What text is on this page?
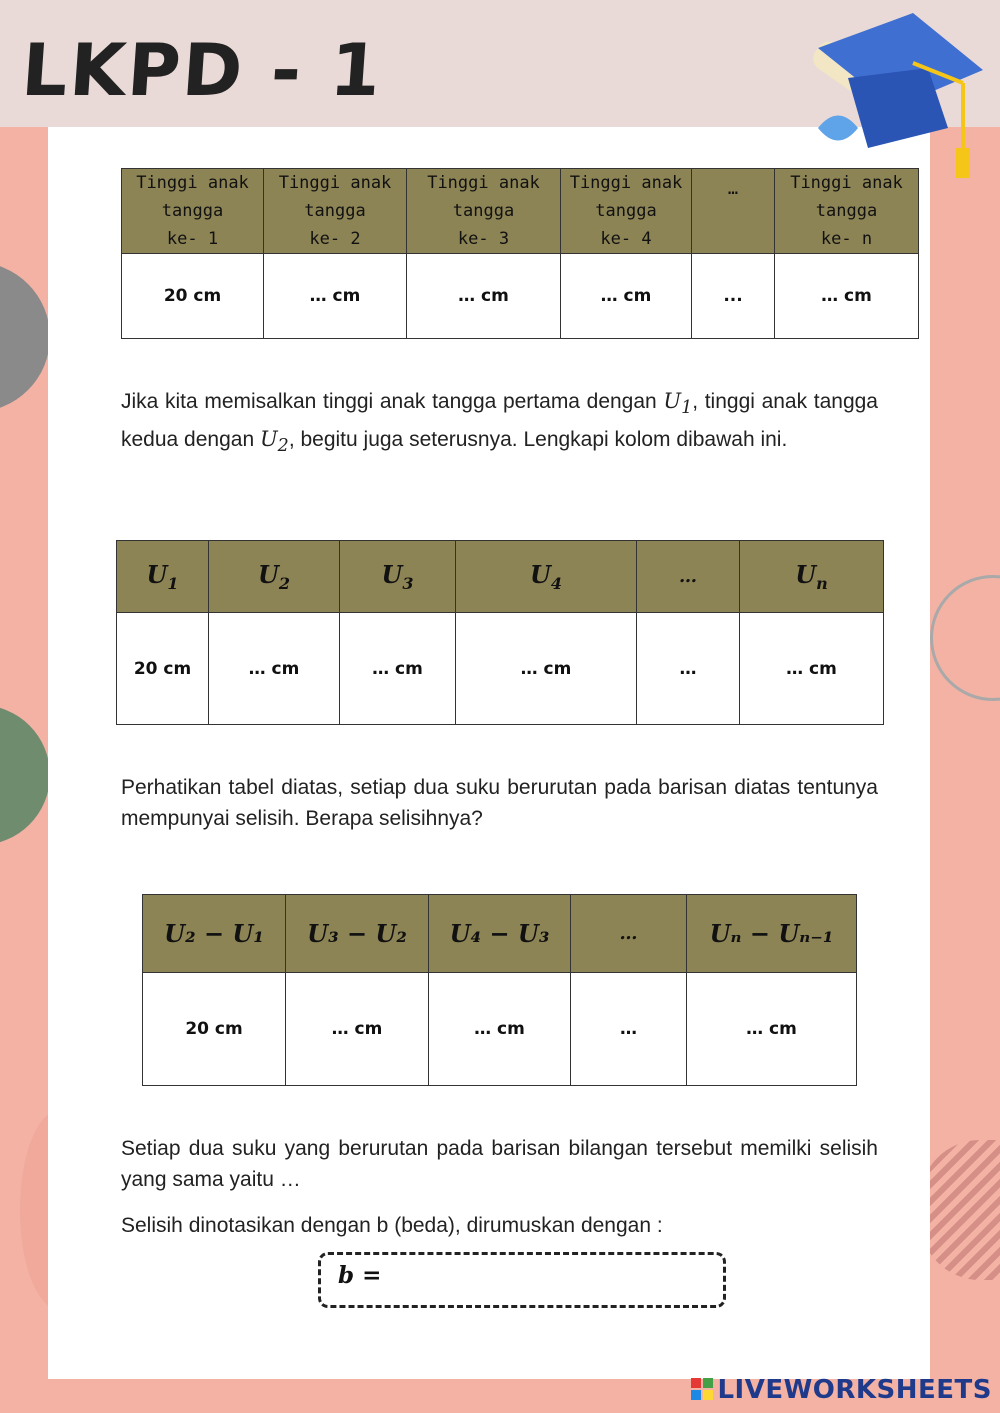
LKPD - 1
Tinggi anak
tangga
ke- 1	Tinggi anak
tangga
ke- 2	Tinggi anak
tangga
ke- 3	Tinggi anak
tangga
ke- 4	…	Tinggi anak
tangga
ke- n
20 cm	… cm	… cm	… cm	...	… cm
Jika kita memisalkan tinggi anak tangga pertama dengan $U_1$, tinggi anak tangga kedua dengan $U_2$, begitu juga seterusnya. Lengkapi kolom dibawah ini.
$U_1$	$U_2$	$U_3$	$U_4$	…	$U_n$
20 cm	… cm	… cm	… cm	…	… cm
Perhatikan tabel diatas, setiap dua suku berurutan pada barisan diatas tentunya mempunyai selisih. Berapa selisihnya?
U₂ − U₁	U₃ − U₂	U₄ − U₃	…	Uₙ − Uₙ₋₁
20 cm	… cm	… cm	…	… cm
Setiap dua suku yang berurutan pada barisan bilangan tersebut memilki selisih yang sama yaitu …
Selisih dinotasikan dengan b (beda), dirumuskan dengan :
b =
LIVEWORKSHEETS
